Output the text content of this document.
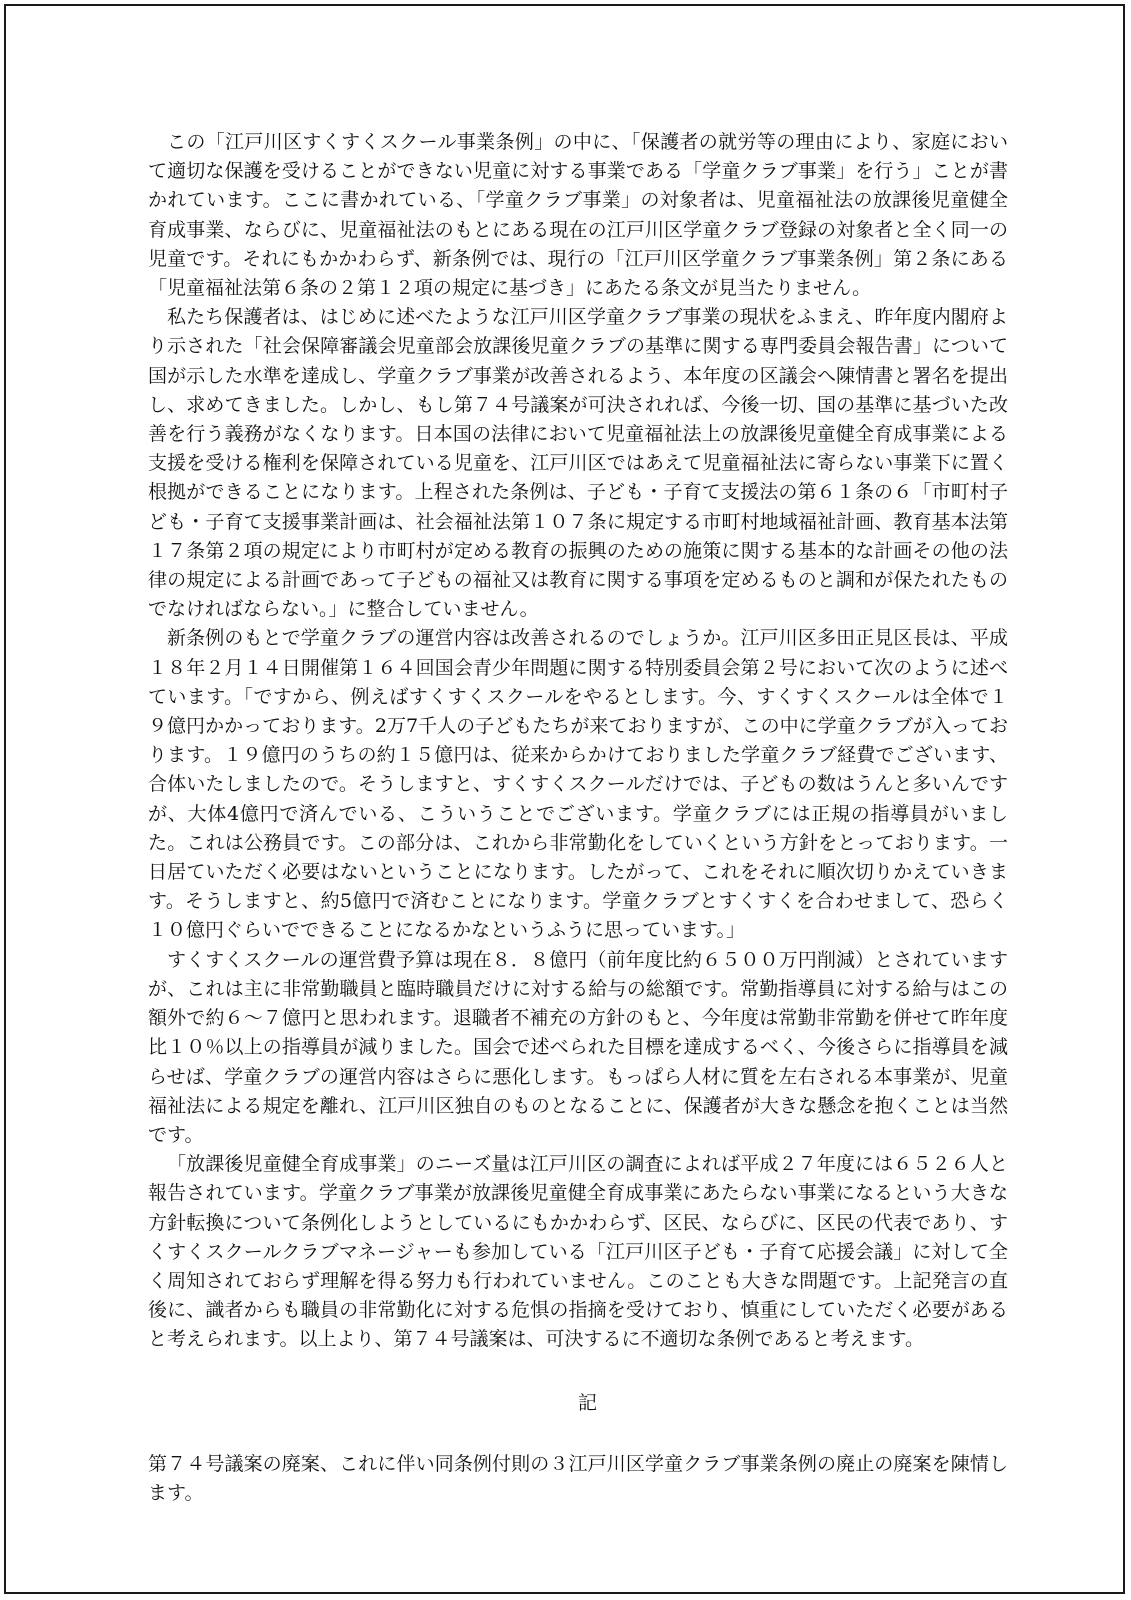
この「江戸川区すくすくスクール事業条例」の中に、「保護者の就労等の理由により、家庭において適切な保護を受けることができない児童に対する事業である「学童クラブ事業」を行う」ことが書かれています。ここに書かれている、「学童クラブ事業」の対象者は、児童福祉法の放課後児童健全育成事業、ならびに、児童福祉法のもとにある現在の江戸川区学童クラブ登録の対象者と全く同一の児童です。それにもかかわらず、新条例では、現行の「江戸川区学童クラブ事業条例」第２条にある「児童福祉法第６条の２第１２項の規定に基づき」にあたる条文が見当たりません。

私たち保護者は、はじめに述べたような江戸川区学童クラブ事業の現状をふまえ、昨年度内閣府より示された「社会保障審議会児童部会放課後児童クラブの基準に関する専門委員会報告書」について国が示した水準を達成し、学童クラブ事業が改善されるよう、本年度の区議会へ陳情書と署名を提出し、求めてきました。しかし、もし第７４号議案が可決されれば、今後一切、国の基準に基づいた改善を行う義務がなくなります。日本国の法律において児童福祉法上の放課後児童健全育成事業による支援を受ける権利を保障されている児童を、江戸川区ではあえて児童福祉法に寄らない事業下に置く根拠ができることになります。上程された条例は、子ども・子育て支援法の第６１条の６「市町村子ども・子育て支援事業計画は、社会福祉法第１０７条に規定する市町村地域福祉計画、教育基本法第１７条第２項の規定により市町村が定める教育の振興のための施策に関する基本的な計画その他の法律の規定による計画であって子どもの福祉又は教育に関する事項を定めるものと調和が保たれたものでなければならない。」に整合していません。

新条例のもとで学童クラブの運営内容は改善されるのでしょうか。江戸川区多田正見区長は、平成１８年２月１４日開催第１６４回国会青少年問題に関する特別委員会第２号において次のように述べています。「ですから、例えばすくすくスクールをやるとします。今、すくすくスクールは全体で１９億円かかっております。2万7千人の子どもたちが来ておりますが、この中に学童クラブが入っております。１９億円のうちの約１５億円は、従来からかけておりました学童クラブ経費でございます、合体いたしましたので。そうしますと、すくすくスクールだけでは、子どもの数はうんと多いんですが、大体4億円で済んでいる、こういうことでございます。学童クラブには正規の指導員がいました。これは公務員です。この部分は、これから非常勤化をしていくという方針をとっております。一日居ていただく必要はないということになります。したがって、これをそれに順次切りかえていきます。そうしますと、約5億円で済むことになります。学童クラブとすくすくを合わせまして、恐らく１０億円ぐらいでできることになるかなというふうに思っています。」

すくすくスクールの運営費予算は現在８．８億円（前年度比約６５００万円削減）とされていますが、これは主に非常勤職員と臨時職員だけに対する給与の総額です。常勤指導員に対する給与はこの額外で約６～７億円と思われます。退職者不補充の方針のもと、今年度は常勤非常勤を併せて昨年度比１０％以上の指導員が減りました。国会で述べられた目標を達成するべく、今後さらに指導員を減らせば、学童クラブの運営内容はさらに悪化します。もっぱら人材に質を左右される本事業が、児童福祉法による規定を離れ、江戸川区独自のものとなることに、保護者が大きな懸念を抱くことは当然です。

「放課後児童健全育成事業」のニーズ量は江戸川区の調査によれば平成２７年度には６５２６人と報告されています。学童クラブ事業が放課後児童健全育成事業にあたらない事業になるという大きな方針転換について条例化しようとしているにもかかわらず、区民、ならびに、区民の代表であり、すくすくスクールクラブマネージャーも参加している「江戸川区子ども・子育て応援会議」に対して全く周知されておらず理解を得る努力も行われていません。このことも大きな問題です。上記発言の直後に、識者からも職員の非常勤化に対する危惧の指摘を受けており、慎重にしていただく必要があると考えられます。以上より、第７４号議案は、可決するに不適切な条例であると考えます。

記

第７４号議案の廃案、これに伴い同条例付則の３江戸川区学童クラブ事業条例の廃止の廃案を陳情します。
